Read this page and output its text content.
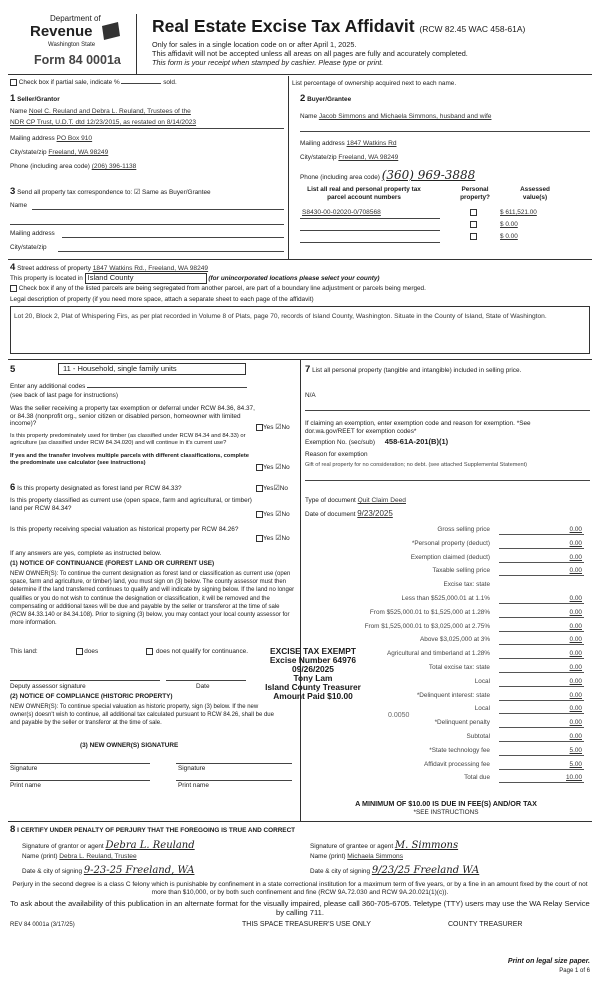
Department of
Revenue
Washington State
Form 84 0001a
Real Estate Excise Tax Affidavit (RCW 82.45 WAC 458-61A)
Only for sales in a single location code on or after April 1, 2025.
This affidavit will not be accepted unless all areas on all pages are fully and accurately completed.
This form is your receipt when stamped by cashier. Please type or print.
Check box if partial sale, indicate %	sold.	List percentage of ownership acquired next to each name.
1 Seller/Grantor
Name Noel C. Reuland and Debra L. Reuland, Trustees of the
NDR CP Trust, U.D.T. dtd 12/23/2015, as restated on 8/14/2023
Mailing address PO Box 910
City/state/zip Freeland, WA 98249
Phone (including area code) (206) 396-1138
2 Buyer/Grantee
Name Jacob Simmons and Michaela Simmons, husband and wife
Mailing address 1847 Watkins Rd
City/state/zip Freeland, WA 98249
Phone (including area code) (360) 969-3888
3 Send all property tax correspondence to: ☑ Same as Buyer/Grantee
Name
Mailing address
City/state/zip
List all real and personal property tax parcel account numbers
Personal property?
Assessed value(s)
S8430-00-02020-0/708568	$ 611,521.00
$ 0.00
$ 0.00
4 Street address of property 1847 Watkins Rd., Freeland, WA 98249
This property is located in Island County	(for unincorporated locations please select your county)
Check box if any of the listed parcels are being segregated from another parcel, are part of a boundary line adjustment or parcels being merged.
Legal description of property (if you need more space, attach a separate sheet to each page of the affidavit)
Lot 20, Block 2, Plat of Whispering Firs, as per plat recorded in Volume 8 of Plats, page 70, records of Island County, Washington. Situate in the County of Island, State of Washington.
5	11 - Household, single family units
Enter any additional codes
(see back of last page for instructions)
Was the seller receiving a property tax exemption or deferral under RCW 84.36, 84.37, or 84.38 (nonprofit org., senior citizen or disabled person, homeowner with limited income)?
Yes ☑No
Is this property predominately used for timber (as classified under RCW 84.34 and 84.33) or agriculture (as classified under RCW 84.34.020) and will continue in it's current use?
If yes and the transfer involves multiple parcels with different classifications, complete the predominate use calculator (see instructions)
Yes ☑No
6 Is this property designated as forest land per RCW 84.33?	Yes☑No
Is this property classified as current use (open space, farm and agricultural, or timber) land per RCW 84.34?
Yes ☑No
Is this property receiving special valuation as historical property per RCW 84.26?
Yes ☑No
If any answers are yes, complete as instructed below.
(1) NOTICE OF CONTINUANCE (FOREST LAND OR CURRENT USE)
NEW OWNER(S): To continue the current designation as forest land or classification as current use (open space, farm and agriculture, or timber) land, you must sign on (3) below. The county assessor must then determine if the land transferred continues to qualify and will indicate by signing below. If the land no longer qualifies or you do not wish to continue the designation or classification, it will be removed and the compensating or additional taxes will be due and payable by the seller or transferor at the time of sale (RCW 84.33.140 or 84.34.108). Prior to signing (3) below, you may contact your local county assessor for more information.
This land:	does	does not qualify for continuance.
Deputy assessor signature	Date
(2) NOTICE OF COMPLIANCE (HISTORIC PROPERTY)
NEW OWNER(S): To continue special valuation as historic property, sign (3) below. If the new owner(s) doesn't wish to continue, all additional tax calculated pursuant to RCW 84.26, shall be due and payable by the seller or transferor at the time of sale.
(3) NEW OWNER(S) SIGNATURE
Signature	Signature
Print name	Print name
EXCISE TAX EXEMPT
Excise Number 64976
09/26/2025
Tony Lam
Island County Treasurer
Amount Paid $10.00
7 List all personal property (tangible and intangible) included in selling price.
N/A
If claiming an exemption, enter exemption code and reason for exemption. *See dor.wa.gov/REET for exemption codes*
Exemption No. (sec/sub) 458-61A-201(B)(1)
Reason for exemption
Gift of real property for no consideration; no debt. (see attached Supplemental Statement)
Type of document Quit Claim Deed
Date of document 9/23/2025
Gross selling price	0.00
*Personal property (deduct)	0.00
Exemption claimed (deduct)	0.00
Taxable selling price	0.00
Excise tax: state
Less than $525,000.01 at 1.1%	0.00
From $525,000.01 to $1,525,000 at 1.28%	0.00
From $1,525,000.01 to $3,025,000 at 2.75%	0.00
Above $3,025,000 at 3%	0.00
Agricultural and timberland at 1.28%	0.00
Total excise tax: state	0.00
Local	0.00
*Delinquent interest: state	0.00
Local	0.00
*Delinquent penalty	0.00
Subtotal	0.00
*State technology fee	5.00
Affidavit processing fee	5.00
Total due	10.00
0.0050
A MINIMUM OF $10.00 IS DUE IN FEE(S) AND/OR TAX
*SEE INSTRUCTIONS
8 I CERTIFY UNDER PENALTY OF PERJURY THAT THE FOREGOING IS TRUE AND CORRECT
Signature of grantor or agent Debra L. Reuland
Name (print) Debra L. Reuland, Trustee
Date & city of signing 9-23-25 Freeland, WA
Signature of grantee or agent M. Simmons
Name (print) Michaela Simmons
Date & city of signing 9/23/25 Freeland WA
Perjury in the second degree is a class C felony which is punishable by confinement in a state correctional institution for a maximum term of five years, or by a fine in an amount fixed by the court of not more than $10,000, or by both such confinement and fine (RCW 9A.72.030 and RCW 9A.20.021(1)(c)).
To ask about the availability of this publication in an alternate format for the visually impaired, please call 360-705-6705. Teletype (TTY) users may use the WA Relay Service by calling 711.
REV 84 0001a (3/17/25)	THIS SPACE TREASURER'S USE ONLY	COUNTY TREASURER
Print on legal size paper.
Page 1 of 6
